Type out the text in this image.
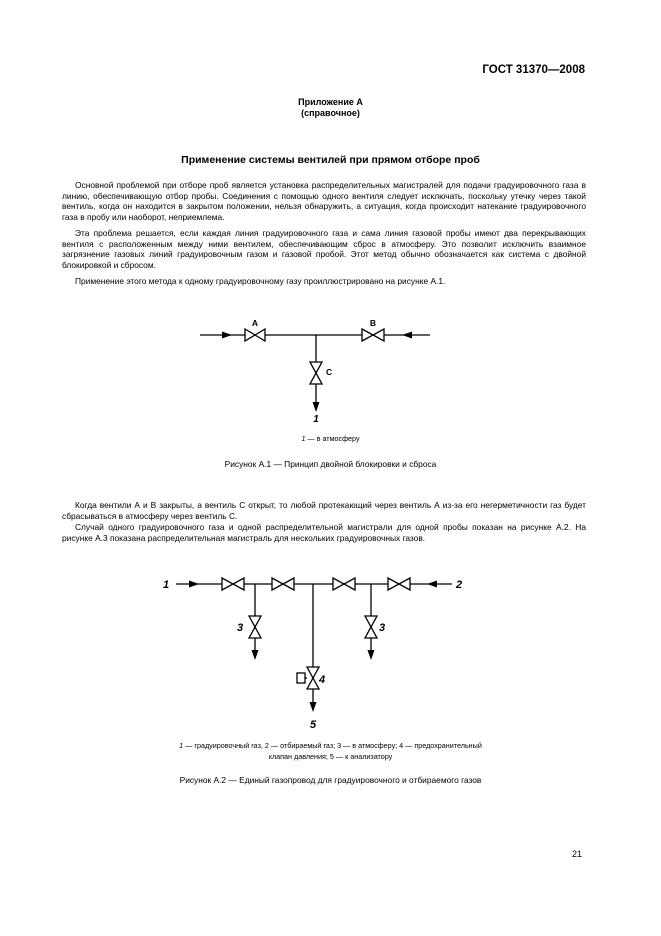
ГОСТ 31370—2008
Приложение А
(справочное)
Применение системы вентилей при прямом отборе проб
Основной проблемой при отборе проб является установка распределительных магистралей для подачи градуировочного газа в линию, обеспечивающую отбор пробы. Соединения с помощью одного вентиля следует исключать, поскольку утечку через такой вентиль, когда он находится в закрытом положении, нельзя обнаружить, а ситуация, когда происходит натекание градуировочного газа в пробу или наоборот, неприемлема.
Эта проблема решается, если каждая линия градуировочного газа и сама линия газовой пробы имеют два перекрывающих вентиля с расположенным между ними вентилем, обеспечивающим сброс в атмосферу. Это позволит исключить взаимное загрязнение газовых линий градуировочным газом и газовой пробой. Этот метод обычно обозначается как система с двойной блокировкой и сбросом.
Применение этого метода к одному градуировочному газу проиллюстрировано на рисунке А.1.
A	B
C
1
1 — в атмосферу
Рисунок А.1 — Принцип двойной блокировки и сброса
Когда вентили А и В закрыты, а вентиль С открыт, то любой протекающий через вентиль А из-за его негерметичности газ будет сбрасываться в атмосферу через вентиль С.
Случай одного градуировочного газа и одной распределительной магистрали для одной пробы показан на рисунке А.2. На рисунке А.3 показана распределительная магистраль для нескольких градуировочных газов.
1	2
3	3
4
5
1 — градуировочный газ, 2 — отбираемый газ; 3 — в атмосферу; 4 — предохранительный
клапан давления; 5 — к анализатору
Рисунок А.2 — Единый газопровод для градуировочного и отбираемого газов
21
